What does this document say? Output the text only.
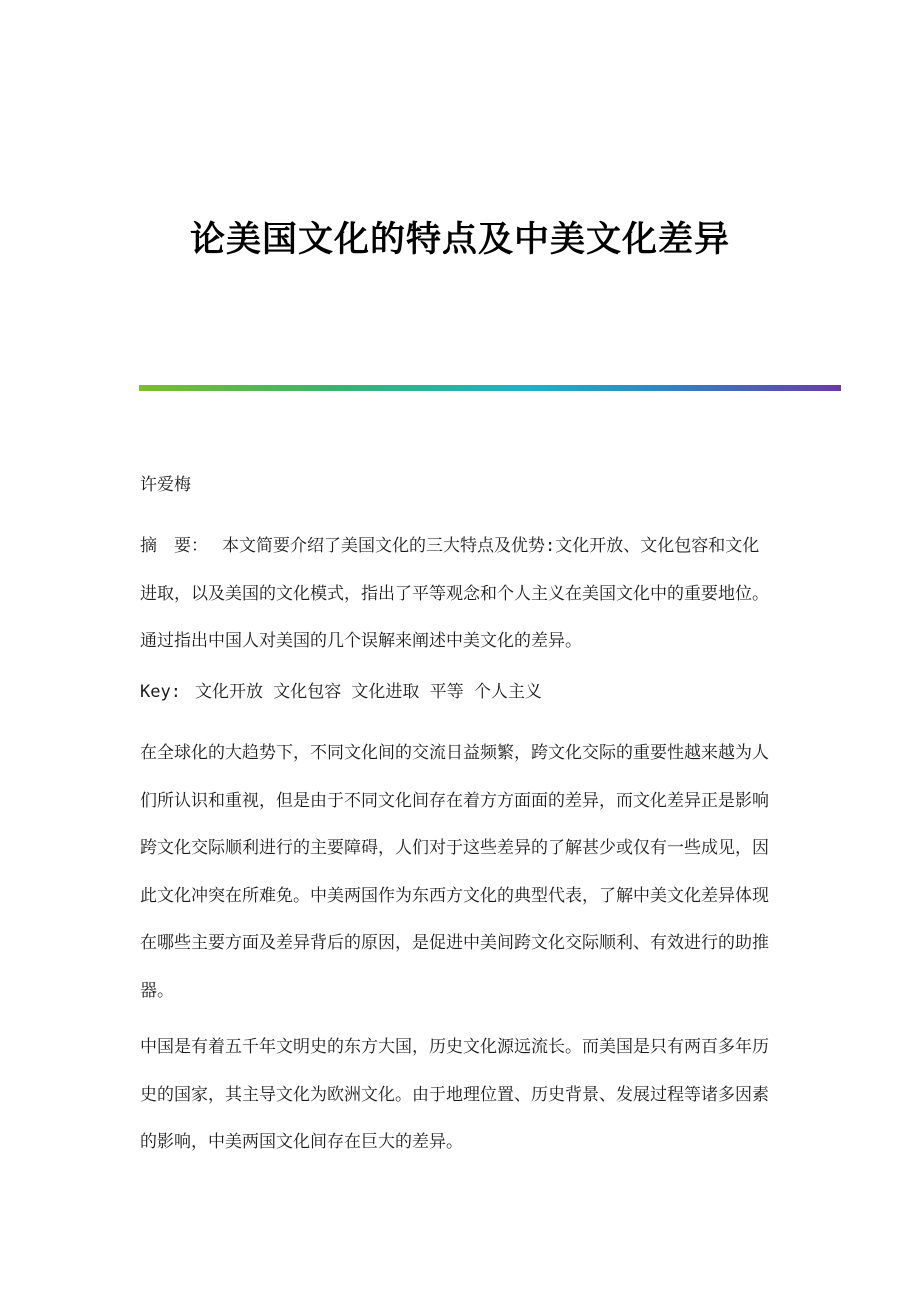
论美国文化的特点及中美文化差异
许爱梅
摘　要： 本文简要介绍了美国文化的三大特点及优势:文化开放、文化包容和文化进取，以及美国的文化模式，指出了平等观念和个人主义在美国文化中的重要地位。通过指出中国人对美国的几个误解来阐述中美文化的差异。
Key: 文化开放 文化包容 文化进取 平等 个人主义

在全球化的大趋势下，不同文化间的交流日益频繁，跨文化交际的重要性越来越为人们所认识和重视，但是由于不同文化间存在着方方面面的差异，而文化差异正是影响跨文化交际顺利进行的主要障碍，人们对于这些差异的了解甚少或仅有一些成见，因此文化冲突在所难免。中美两国作为东西方文化的典型代表，了解中美文化差异体现在哪些主要方面及差异背后的原因，是促进中美间跨文化交际顺利、有效进行的助推器。

中国是有着五千年文明史的东方大国，历史文化源远流长。而美国是只有两百多年历史的国家，其主导文化为欧洲文化。由于地理位置、历史背景、发展过程等诸多因素的影响，中美两国文化间存在巨大的差异。
